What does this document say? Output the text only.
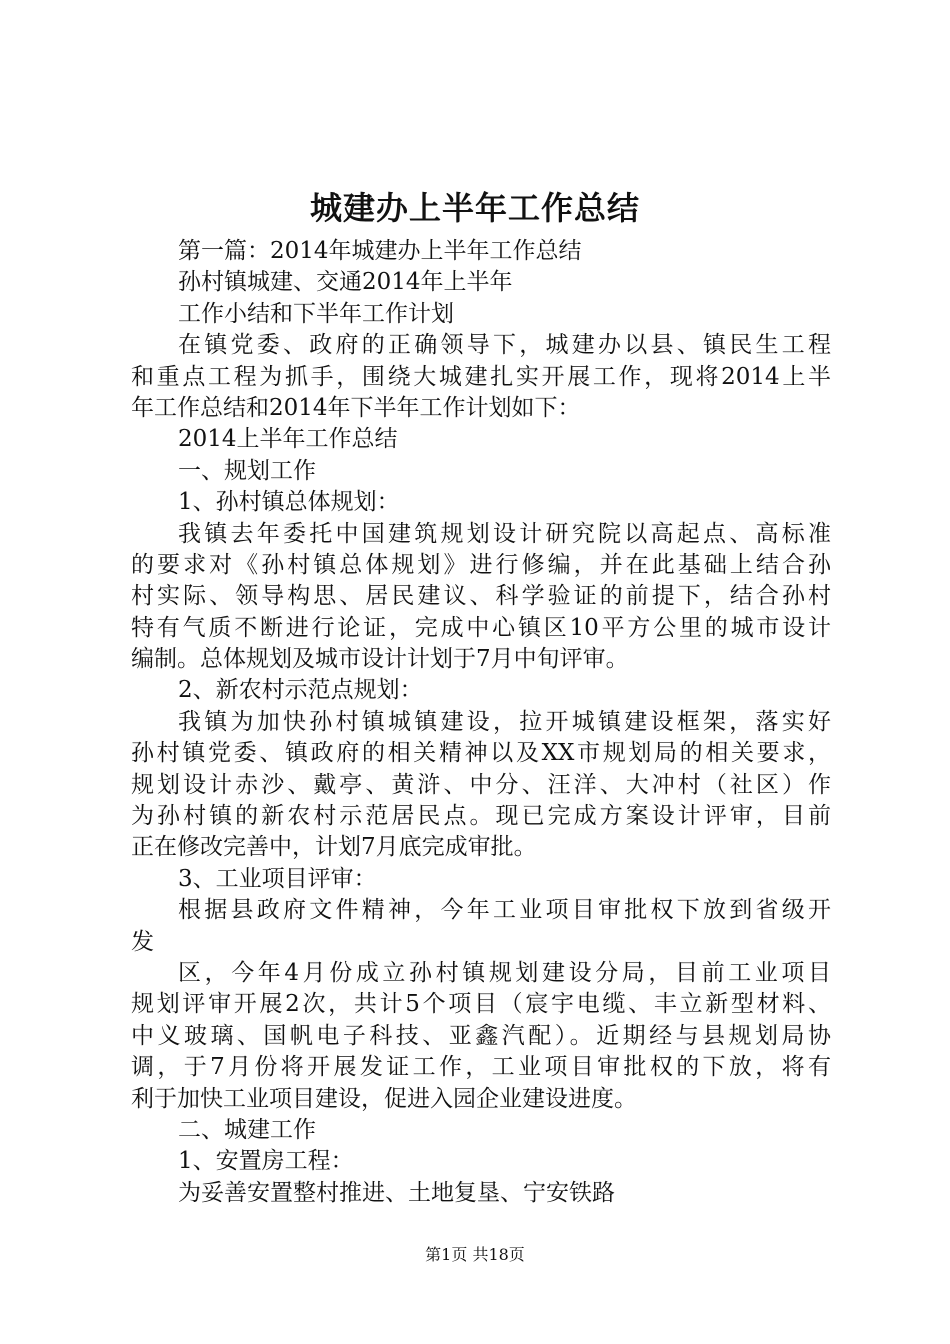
城建办上半年工作总结
第一篇：2014年城建办上半年工作总结
孙村镇城建、交通2014年上半年
工作小结和下半年工作计划
在镇党委、政府的正确领导下，城建办以县、镇民生工程
和重点工程为抓手，围绕大城建扎实开展工作，现将2014上半
年工作总结和2014年下半年工作计划如下：
2014上半年工作总结
一、规划工作
1、孙村镇总体规划：
我镇去年委托中国建筑规划设计研究院以高起点、高标准
的要求对《孙村镇总体规划》进行修编，并在此基础上结合孙
村实际、领导构思、居民建议、科学验证的前提下，结合孙村
特有气质不断进行论证，完成中心镇区10平方公里的城市设计
编制。总体规划及城市设计计划于7月中旬评审。
2、新农村示范点规划：
我镇为加快孙村镇城镇建设，拉开城镇建设框架，落实好
孙村镇党委、镇政府的相关精神以及XX市规划局的相关要求，
规划设计赤沙、戴亭、黄浒、中分、汪洋、大冲村（社区）作
为孙村镇的新农村示范居民点。现已完成方案设计评审，目前
正在修改完善中，计划7月底完成审批。
3、工业项目评审：
根据县政府文件精神，今年工业项目审批权下放到省级开
发
区，今年4月份成立孙村镇规划建设分局，目前工业项目
规划评审开展2次，共计5个项目（宸宇电缆、丰立新型材料、
中义玻璃、国帆电子科技、亚鑫汽配）。近期经与县规划局协
调，于7月份将开展发证工作，工业项目审批权的下放，将有
利于加快工业项目建设，促进入园企业建设进度。
二、城建工作
1、安置房工程：
为妥善安置整村推进、土地复垦、宁安铁路
第1页 共18页
